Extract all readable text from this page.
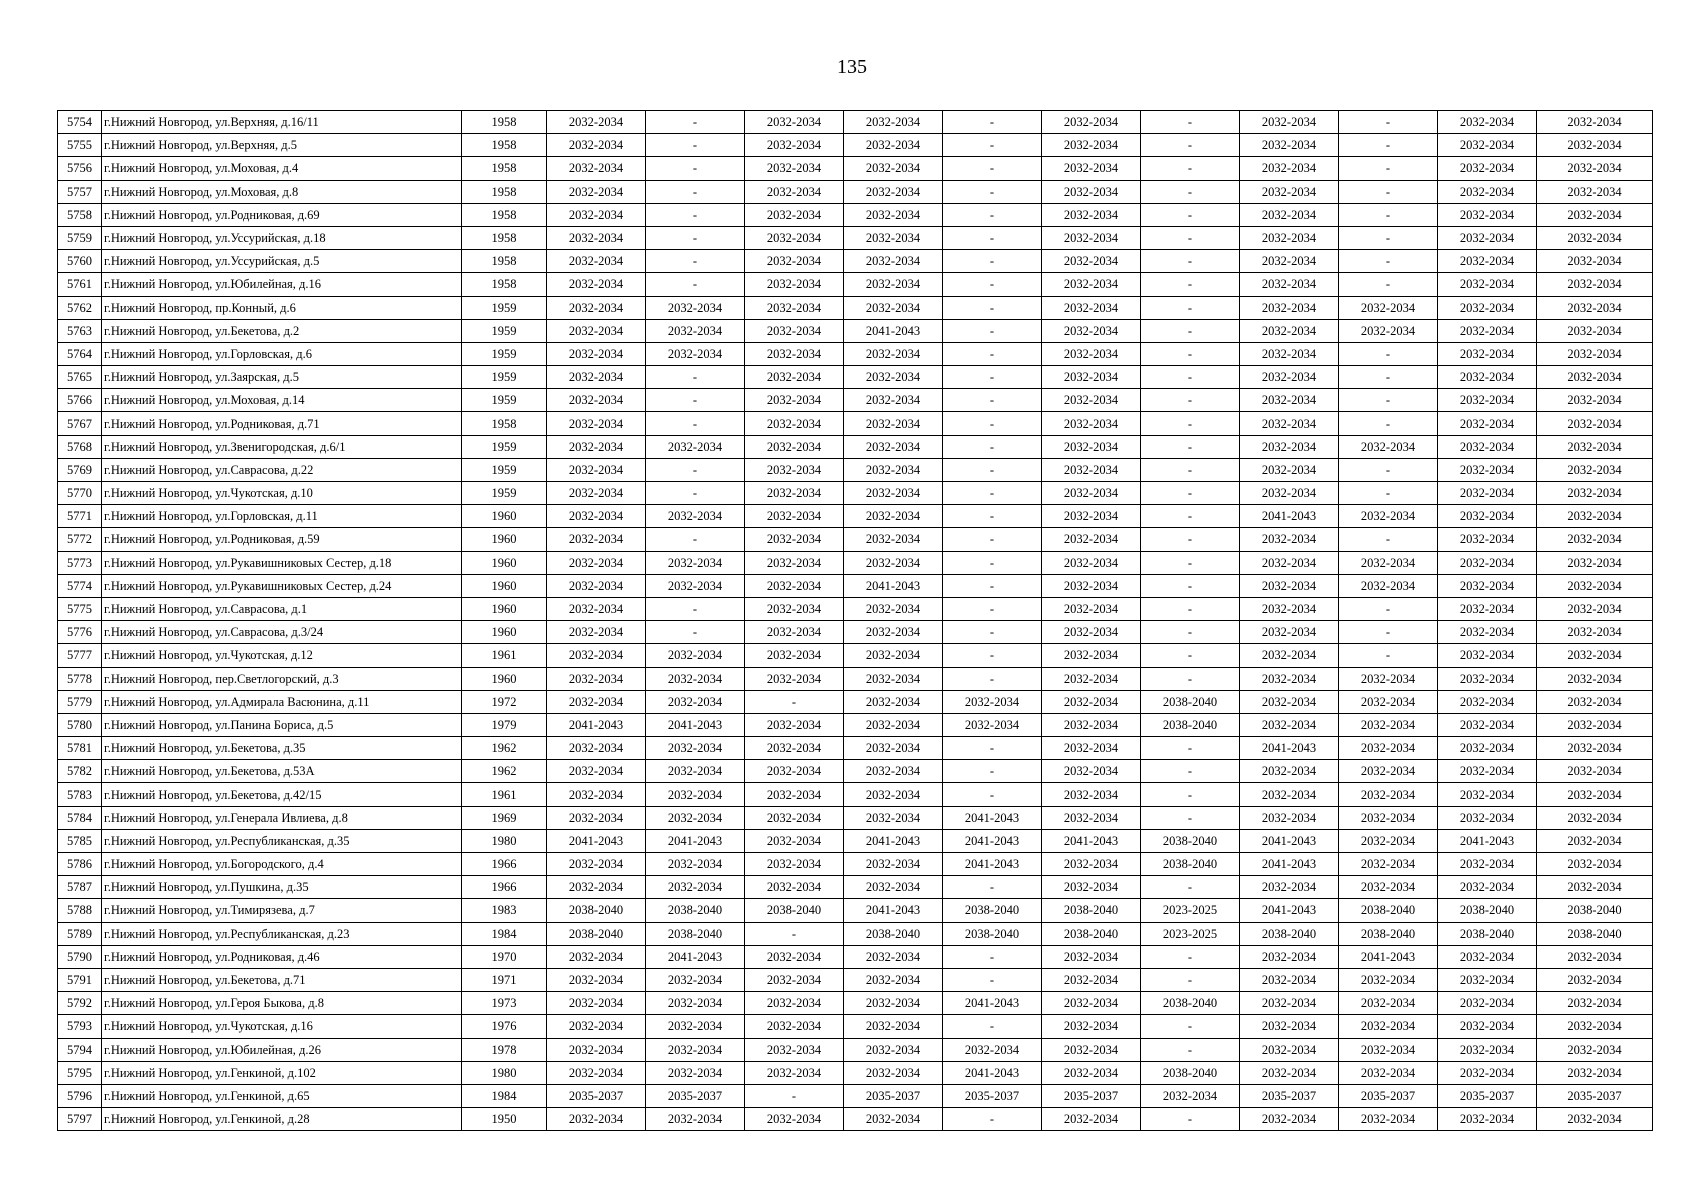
135
5754	г.Нижний Новгород, ул.Верхняя, д.16/11	1958	2032-2034	-	2032-2034	2032-2034	-	2032-2034	-	2032-2034	-	2032-2034	2032-2034
5755	г.Нижний Новгород, ул.Верхняя, д.5	1958	2032-2034	-	2032-2034	2032-2034	-	2032-2034	-	2032-2034	-	2032-2034	2032-2034
5756	г.Нижний Новгород, ул.Моховая, д.4	1958	2032-2034	-	2032-2034	2032-2034	-	2032-2034	-	2032-2034	-	2032-2034	2032-2034
5757	г.Нижний Новгород, ул.Моховая, д.8	1958	2032-2034	-	2032-2034	2032-2034	-	2032-2034	-	2032-2034	-	2032-2034	2032-2034
5758	г.Нижний Новгород, ул.Родниковая, д.69	1958	2032-2034	-	2032-2034	2032-2034	-	2032-2034	-	2032-2034	-	2032-2034	2032-2034
5759	г.Нижний Новгород, ул.Уссурийская, д.18	1958	2032-2034	-	2032-2034	2032-2034	-	2032-2034	-	2032-2034	-	2032-2034	2032-2034
5760	г.Нижний Новгород, ул.Уссурийская, д.5	1958	2032-2034	-	2032-2034	2032-2034	-	2032-2034	-	2032-2034	-	2032-2034	2032-2034
5761	г.Нижний Новгород, ул.Юбилейная, д.16	1958	2032-2034	-	2032-2034	2032-2034	-	2032-2034	-	2032-2034	-	2032-2034	2032-2034
5762	г.Нижний Новгород, пр.Конный, д.6	1959	2032-2034	2032-2034	2032-2034	2032-2034	-	2032-2034	-	2032-2034	2032-2034	2032-2034	2032-2034
5763	г.Нижний Новгород, ул.Бекетова, д.2	1959	2032-2034	2032-2034	2032-2034	2041-2043	-	2032-2034	-	2032-2034	2032-2034	2032-2034	2032-2034
5764	г.Нижний Новгород, ул.Горловская, д.6	1959	2032-2034	2032-2034	2032-2034	2032-2034	-	2032-2034	-	2032-2034	-	2032-2034	2032-2034
5765	г.Нижний Новгород, ул.Заярская, д.5	1959	2032-2034	-	2032-2034	2032-2034	-	2032-2034	-	2032-2034	-	2032-2034	2032-2034
5766	г.Нижний Новгород, ул.Моховая, д.14	1959	2032-2034	-	2032-2034	2032-2034	-	2032-2034	-	2032-2034	-	2032-2034	2032-2034
5767	г.Нижний Новгород, ул.Родниковая, д.71	1958	2032-2034	-	2032-2034	2032-2034	-	2032-2034	-	2032-2034	-	2032-2034	2032-2034
5768	г.Нижний Новгород, ул.Звенигородская, д.6/1	1959	2032-2034	2032-2034	2032-2034	2032-2034	-	2032-2034	-	2032-2034	2032-2034	2032-2034	2032-2034
5769	г.Нижний Новгород, ул.Саврасова, д.22	1959	2032-2034	-	2032-2034	2032-2034	-	2032-2034	-	2032-2034	-	2032-2034	2032-2034
5770	г.Нижний Новгород, ул.Чукотская, д.10	1959	2032-2034	-	2032-2034	2032-2034	-	2032-2034	-	2032-2034	-	2032-2034	2032-2034
5771	г.Нижний Новгород, ул.Горловская, д.11	1960	2032-2034	2032-2034	2032-2034	2032-2034	-	2032-2034	-	2041-2043	2032-2034	2032-2034	2032-2034
5772	г.Нижний Новгород, ул.Родниковая, д.59	1960	2032-2034	-	2032-2034	2032-2034	-	2032-2034	-	2032-2034	-	2032-2034	2032-2034
5773	г.Нижний Новгород, ул.Рукавишниковых Сестер, д.18	1960	2032-2034	2032-2034	2032-2034	2032-2034	-	2032-2034	-	2032-2034	2032-2034	2032-2034	2032-2034
5774	г.Нижний Новгород, ул.Рукавишниковых Сестер, д.24	1960	2032-2034	2032-2034	2032-2034	2041-2043	-	2032-2034	-	2032-2034	2032-2034	2032-2034	2032-2034
5775	г.Нижний Новгород, ул.Саврасова, д.1	1960	2032-2034	-	2032-2034	2032-2034	-	2032-2034	-	2032-2034	-	2032-2034	2032-2034
5776	г.Нижний Новгород, ул.Саврасова, д.3/24	1960	2032-2034	-	2032-2034	2032-2034	-	2032-2034	-	2032-2034	-	2032-2034	2032-2034
5777	г.Нижний Новгород, ул.Чукотская, д.12	1961	2032-2034	2032-2034	2032-2034	2032-2034	-	2032-2034	-	2032-2034	-	2032-2034	2032-2034
5778	г.Нижний Новгород, пер.Светлогорский, д.3	1960	2032-2034	2032-2034	2032-2034	2032-2034	-	2032-2034	-	2032-2034	2032-2034	2032-2034	2032-2034
5779	г.Нижний Новгород, ул.Адмирала Васюнина, д.11	1972	2032-2034	2032-2034	-	2032-2034	2032-2034	2032-2034	2038-2040	2032-2034	2032-2034	2032-2034	2032-2034
5780	г.Нижний Новгород, ул.Панина Бориса, д.5	1979	2041-2043	2041-2043	2032-2034	2032-2034	2032-2034	2032-2034	2038-2040	2032-2034	2032-2034	2032-2034	2032-2034
5781	г.Нижний Новгород, ул.Бекетова, д.35	1962	2032-2034	2032-2034	2032-2034	2032-2034	-	2032-2034	-	2041-2043	2032-2034	2032-2034	2032-2034
5782	г.Нижний Новгород, ул.Бекетова, д.53А	1962	2032-2034	2032-2034	2032-2034	2032-2034	-	2032-2034	-	2032-2034	2032-2034	2032-2034	2032-2034
5783	г.Нижний Новгород, ул.Бекетова, д.42/15	1961	2032-2034	2032-2034	2032-2034	2032-2034	-	2032-2034	-	2032-2034	2032-2034	2032-2034	2032-2034
5784	г.Нижний Новгород, ул.Генерала Ивлиева, д.8	1969	2032-2034	2032-2034	2032-2034	2032-2034	2041-2043	2032-2034	-	2032-2034	2032-2034	2032-2034	2032-2034
5785	г.Нижний Новгород, ул.Республиканская, д.35	1980	2041-2043	2041-2043	2032-2034	2041-2043	2041-2043	2041-2043	2038-2040	2041-2043	2032-2034	2041-2043	2032-2034
5786	г.Нижний Новгород, ул.Богородского, д.4	1966	2032-2034	2032-2034	2032-2034	2032-2034	2041-2043	2032-2034	2038-2040	2041-2043	2032-2034	2032-2034	2032-2034
5787	г.Нижний Новгород, ул.Пушкина, д.35	1966	2032-2034	2032-2034	2032-2034	2032-2034	-	2032-2034	-	2032-2034	2032-2034	2032-2034	2032-2034
5788	г.Нижний Новгород, ул.Тимирязева, д.7	1983	2038-2040	2038-2040	2038-2040	2041-2043	2038-2040	2038-2040	2023-2025	2041-2043	2038-2040	2038-2040	2038-2040
5789	г.Нижний Новгород, ул.Республиканская, д.23	1984	2038-2040	2038-2040	-	2038-2040	2038-2040	2038-2040	2023-2025	2038-2040	2038-2040	2038-2040	2038-2040
5790	г.Нижний Новгород, ул.Родниковая, д.46	1970	2032-2034	2041-2043	2032-2034	2032-2034	-	2032-2034	-	2032-2034	2041-2043	2032-2034	2032-2034
5791	г.Нижний Новгород, ул.Бекетова, д.71	1971	2032-2034	2032-2034	2032-2034	2032-2034	-	2032-2034	-	2032-2034	2032-2034	2032-2034	2032-2034
5792	г.Нижний Новгород, ул.Героя Быкова, д.8	1973	2032-2034	2032-2034	2032-2034	2032-2034	2041-2043	2032-2034	2038-2040	2032-2034	2032-2034	2032-2034	2032-2034
5793	г.Нижний Новгород, ул.Чукотская, д.16	1976	2032-2034	2032-2034	2032-2034	2032-2034	-	2032-2034	-	2032-2034	2032-2034	2032-2034	2032-2034
5794	г.Нижний Новгород, ул.Юбилейная, д.26	1978	2032-2034	2032-2034	2032-2034	2032-2034	2032-2034	2032-2034	-	2032-2034	2032-2034	2032-2034	2032-2034
5795	г.Нижний Новгород, ул.Генкиной, д.102	1980	2032-2034	2032-2034	2032-2034	2032-2034	2041-2043	2032-2034	2038-2040	2032-2034	2032-2034	2032-2034	2032-2034
5796	г.Нижний Новгород, ул.Генкиной, д.65	1984	2035-2037	2035-2037	-	2035-2037	2035-2037	2035-2037	2032-2034	2035-2037	2035-2037	2035-2037	2035-2037
5797	г.Нижний Новгород, ул.Генкиной, д.28	1950	2032-2034	2032-2034	2032-2034	2032-2034	-	2032-2034	-	2032-2034	2032-2034	2032-2034	2032-2034
